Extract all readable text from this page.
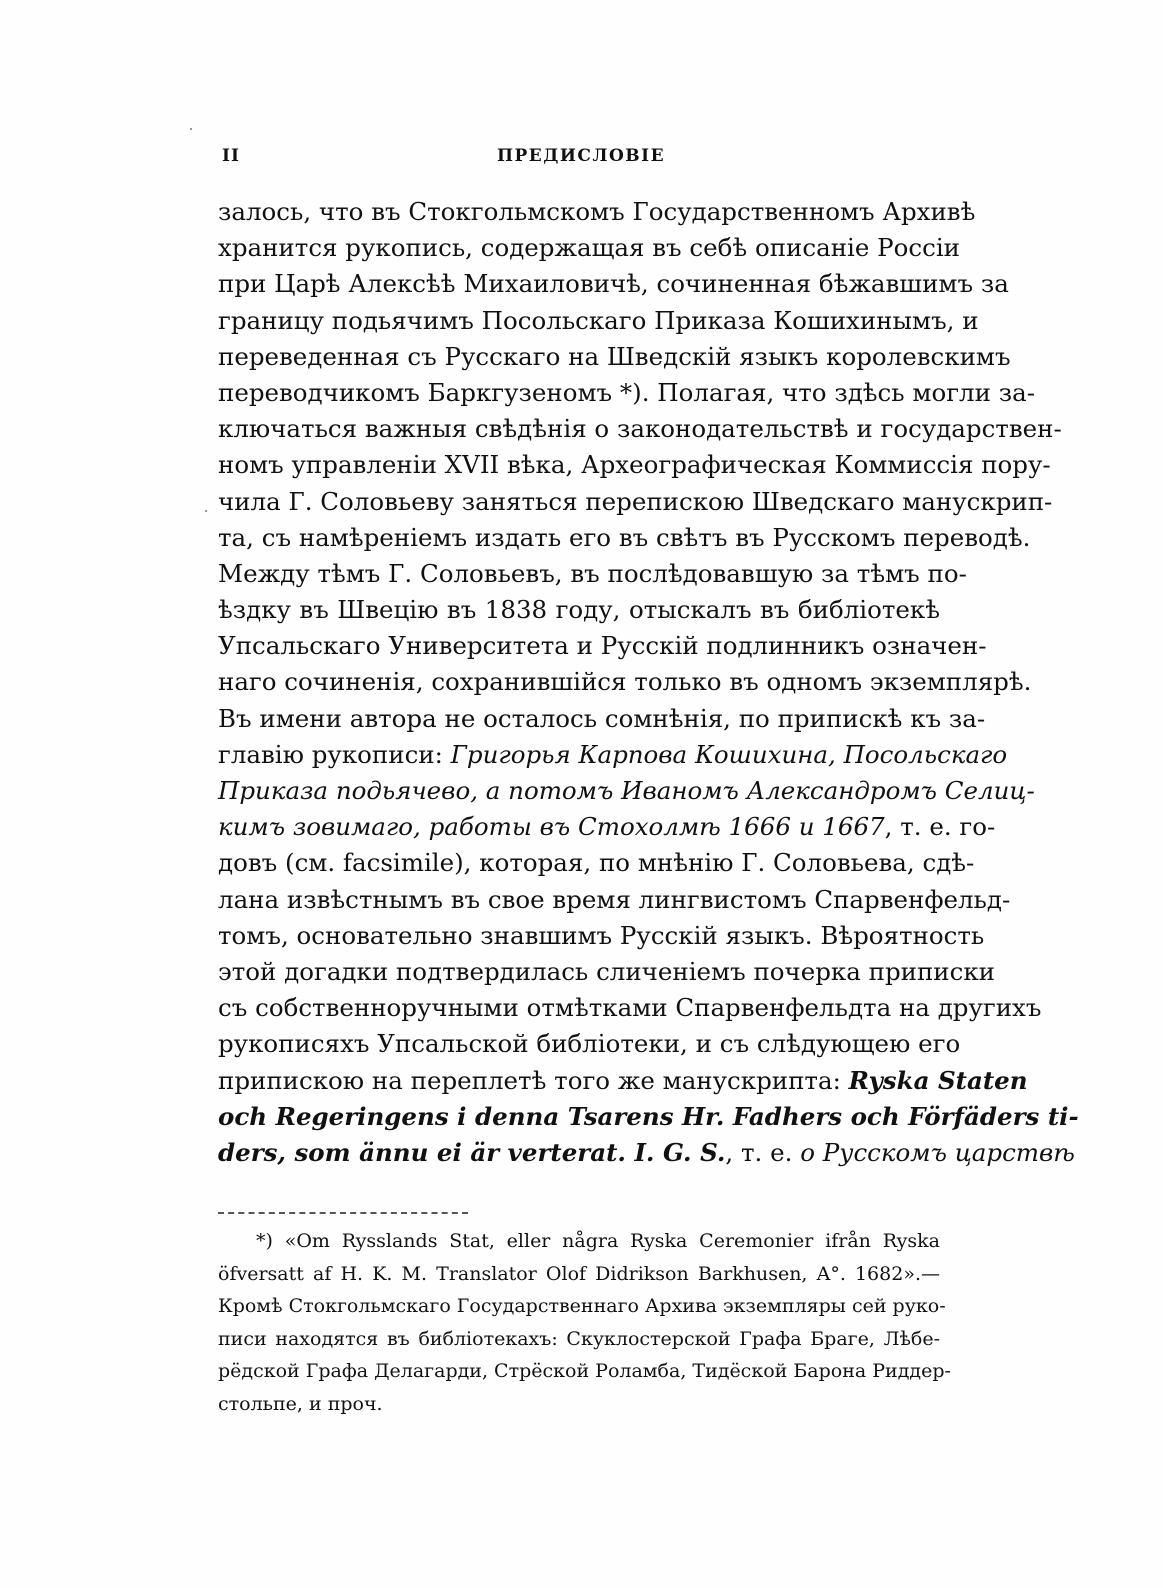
II	ПРЕДИСЛОВIЕ
залось, что въ Стокгольмскомъ Государственномъ Архивѣ
хранится рукопись, содержащая въ себѣ описанiе Россiи
при Царѣ Алексѣѣ Михаиловичѣ, сочиненная бѣжавшимъ за
границу подьячимъ Посольскаго Приказа Кошихинымъ, и
переведенная съ Русскаго на Шведскiй языкъ королевскимъ
переводчикомъ Баркгузеномъ *). Полагая, что здѣсь могли за-
ключаться важныя свѣдѣнiя о законодательствѣ и государствен-
номъ управленiи XVII вѣка, Археографическая Коммиссiя пору-
чила Г. Соловьеву заняться перепискою Шведскаго манускрип-
та, съ намѣренiемъ издать его въ свѣтъ въ Русскомъ переводѣ.
Между тѣмъ Г. Соловьевъ, въ послѣдовавшую за тѣмъ по-
ѣздку въ Швецiю въ 1838 году, отыскалъ въ библiотекѣ
Упсальскаго Университета и Русскiй подлинникъ означен-
наго сочиненiя, сохранившiйся только въ одномъ экземплярѣ.
Въ имени автора не осталось сомнѣнiя, по припискѣ къ за-
главiю рукописи: Григорья Карпова Кошихина, Посольскаго
Приказа подьячево, а потомъ Иваномъ Александромъ Селиц-
кимъ зовимаго, работы въ Стохолмѣ 1666 и 1667, т. е. го-
довъ (см. facsimile), которая, по мнѣнiю Г. Соловьева, сдѣ-
лана извѣстнымъ въ свое время лингвистомъ Спарвенфельд-
томъ, основательно знавшимъ Русскiй языкъ. Вѣроятность
этой догадки подтвердилась сличенiемъ почерка приписки
съ собственноручными отмѣтками Спарвенфельдта на другихъ
рукописяхъ Упсальской библiотеки, и съ слѣдующею его
припискою на переплетѣ того же манускрипта: Ryska Staten
och Regeringens i denna Tsarens Hr. Fadhers och Förfäders ti-
ders, som ännu ei är verterat. I. G. S., т. е. о Русскомъ царствѣ
*) «Om Rysslands Stat, eller några Ryska Ceremonier ifrån Ryska
öfversatt af H. K. M. Translator Olof Didrikson Barkhusen, A°. 1682».—
Кромѣ Стокгольмскаго Государственнаго Архива экземпляры сей руко-
писи находятся въ библiотекахъ: Скуклостерской Графа Браге, Лѣбе-
рёдской Графа Делагарди, Стрёской Роламба, Тидёской Барона Риддер-
стольпе, и проч.
